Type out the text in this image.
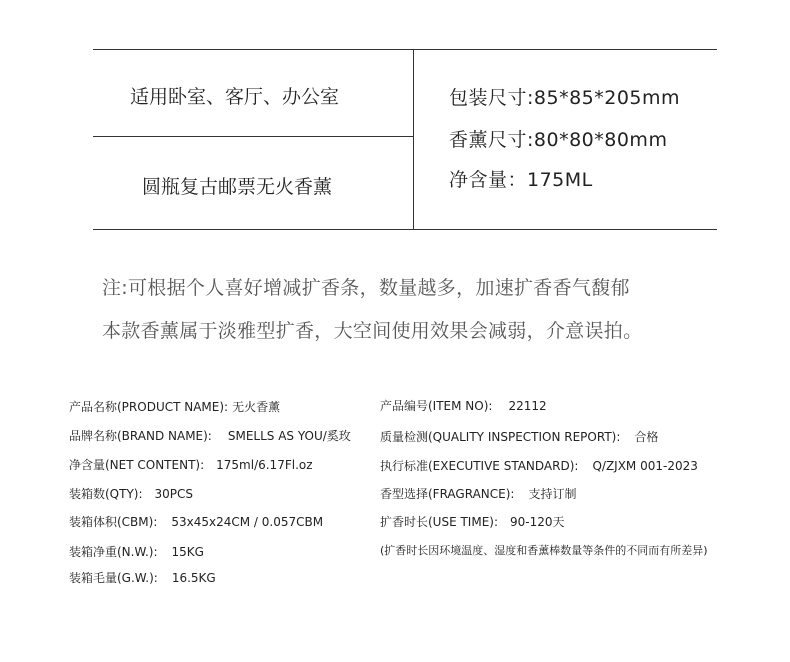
适用卧室、客厅、办公室
圆瓶复古邮票无火香薰
包装尺寸:85*85*205mm
香薰尺寸:80*80*80mm
净含量：175ML
注:可根据个人喜好增减扩香条，数量越多，加速扩香香气馥郁
本款香薰属于淡雅型扩香，大空间使用效果会减弱，介意误拍。
产品名称(PRODUCT NAME): 无火香薰
品牌名称(BRAND NAME): SMELLS AS YOU/奚玫
净含量(NET CONTENT): 175ml/6.17Fl.oz
装箱数(QTY): 30PCS
装箱体积(CBM): 53x45x24CM / 0.057CBM
装箱净重(N.W.): 15KG
装箱毛量(G.W.): 16.5KG
产品编号(ITEM NO): 22112
质量检测(QUALITY INSPECTION REPORT): 合格
执行标准(EXECUTIVE STANDARD): Q/ZJXM 001-2023
香型选择(FRAGRANCE): 支持订制
扩香时长(USE TIME): 90-120天
(扩香时长因环境温度、湿度和香薰棒数量等条件的不同而有所差异)
